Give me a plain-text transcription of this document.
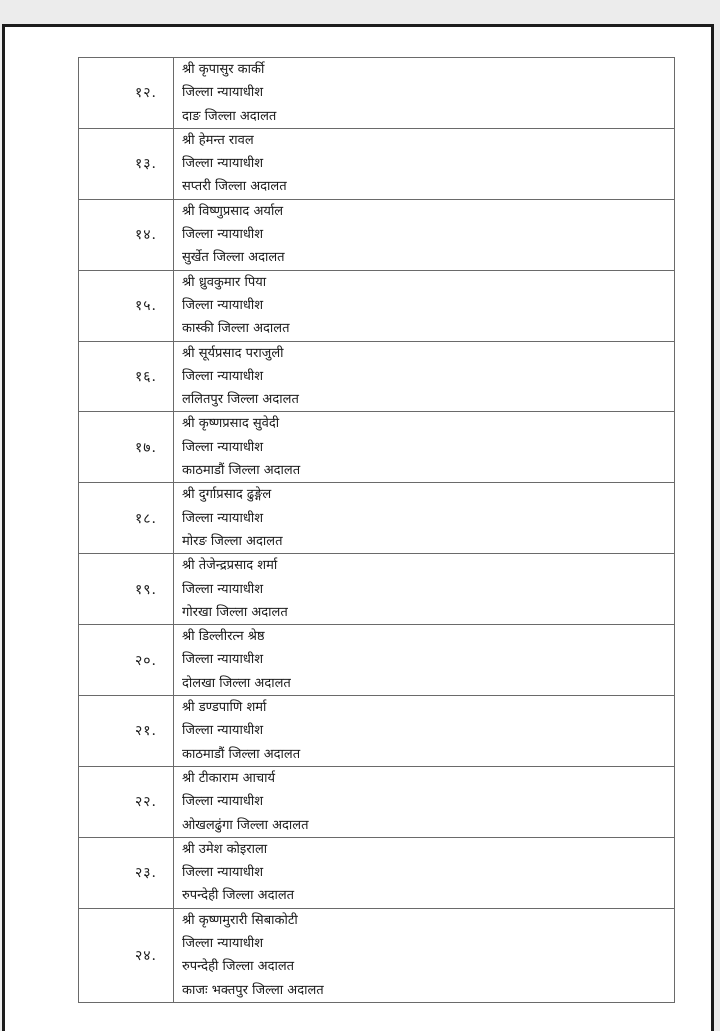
१२.	श्री कृपासुर कार्की
जिल्ला न्यायाधीश
दाङ जिल्ला अदालत

१३.	श्री हेमन्त रावल
जिल्ला न्यायाधीश
सप्तरी जिल्ला अदालत

१४.	श्री विष्णुप्रसाद अर्याल
जिल्ला न्यायाधीश
सुर्खेत जिल्ला अदालत

१५.	श्री ध्रुवकुमार पिया
जिल्ला न्यायाधीश
कास्की जिल्ला अदालत

१६.	श्री सूर्यप्रसाद पराजुली
जिल्ला न्यायाधीश
ललितपुर जिल्ला अदालत

१७.	श्री कृष्णप्रसाद सुवेदी
जिल्ला न्यायाधीश
काठमाडौं जिल्ला अदालत

१८.	श्री दुर्गाप्रसाद ढुङ्गेल
जिल्ला न्यायाधीश
मोरङ जिल्ला अदालत

१९.	श्री तेजेन्द्रप्रसाद शर्मा
जिल्ला न्यायाधीश
गोरखा जिल्ला अदालत

२०.	श्री डिल्लीरत्न श्रेष्ठ
जिल्ला न्यायाधीश
दोलखा जिल्ला अदालत

२१.	श्री डण्डपाणि शर्मा
जिल्ला न्यायाधीश
काठमाडौं जिल्ला अदालत

२२.	श्री टीकाराम आचार्य
जिल्ला न्यायाधीश
ओखलढुंगा जिल्ला अदालत

२३.	श्री उमेश कोइराला
जिल्ला न्यायाधीश
रुपन्देही जिल्ला अदालत

२४.	श्री कृष्णमुरारी सिबाकोटी
जिल्ला न्यायाधीश
रुपन्देही जिल्ला अदालत
काजः भक्तपुर जिल्ला अदालत
